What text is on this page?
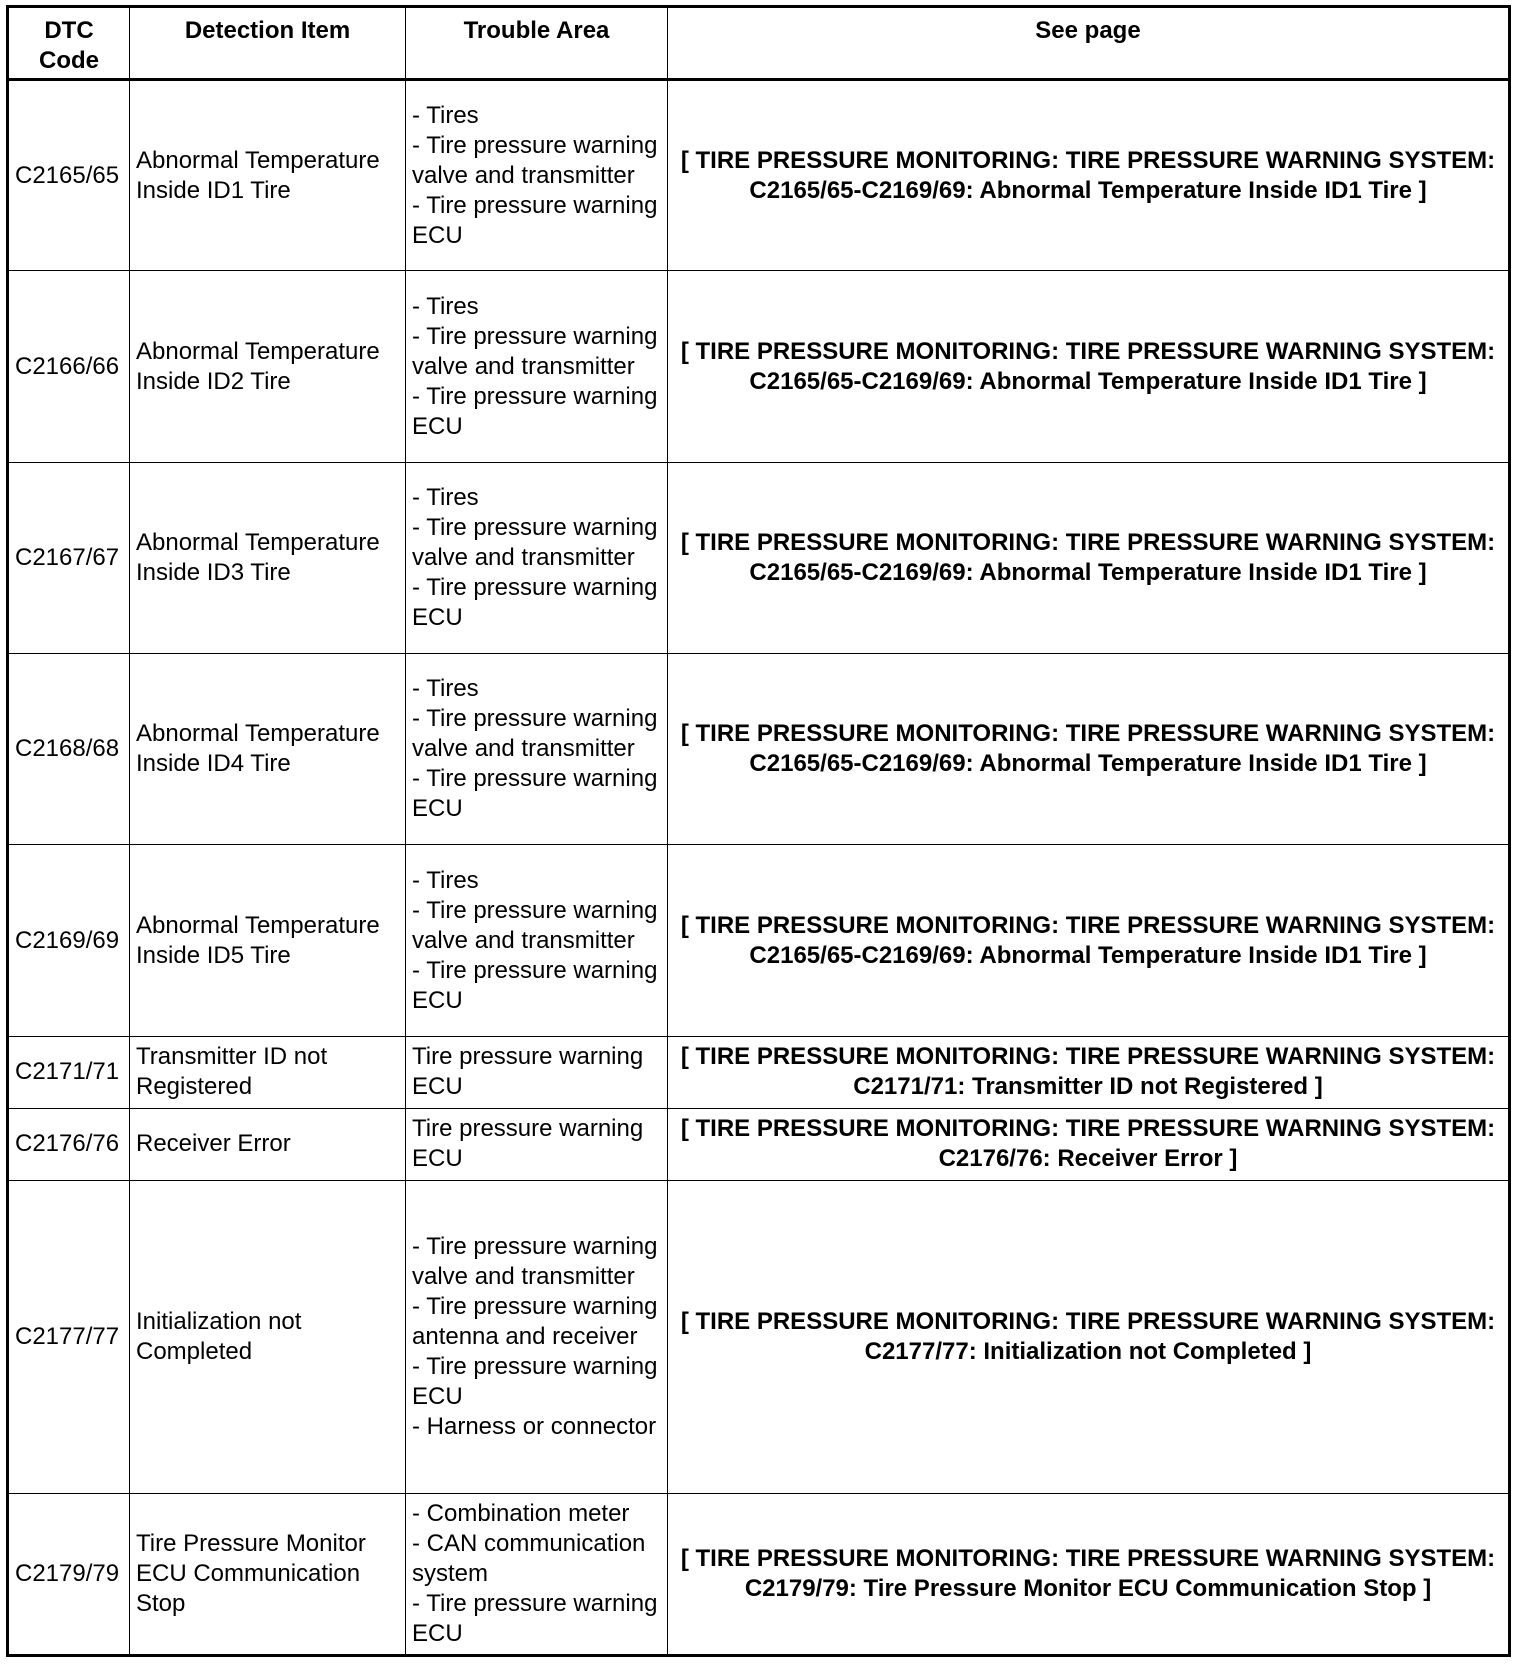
DTC
Code	Detection Item	Trouble Area	See page
C2165/65	Abnormal Temperature Inside ID1 Tire	- Tires
- Tire pressure warning valve and transmitter
- Tire pressure warning ECU	[ TIRE PRESSURE MONITORING: TIRE PRESSURE WARNING SYSTEM: C2165/65-C2169/69: Abnormal Temperature Inside ID1 Tire ]
C2166/66	Abnormal Temperature Inside ID2 Tire	- Tires
- Tire pressure warning valve and transmitter
- Tire pressure warning ECU	[ TIRE PRESSURE MONITORING: TIRE PRESSURE WARNING SYSTEM: C2165/65-C2169/69: Abnormal Temperature Inside ID1 Tire ]
C2167/67	Abnormal Temperature Inside ID3 Tire	- Tires
- Tire pressure warning valve and transmitter
- Tire pressure warning ECU	[ TIRE PRESSURE MONITORING: TIRE PRESSURE WARNING SYSTEM: C2165/65-C2169/69: Abnormal Temperature Inside ID1 Tire ]
C2168/68	Abnormal Temperature Inside ID4 Tire	- Tires
- Tire pressure warning valve and transmitter
- Tire pressure warning ECU	[ TIRE PRESSURE MONITORING: TIRE PRESSURE WARNING SYSTEM: C2165/65-C2169/69: Abnormal Temperature Inside ID1 Tire ]
C2169/69	Abnormal Temperature Inside ID5 Tire	- Tires
- Tire pressure warning valve and transmitter
- Tire pressure warning ECU	[ TIRE PRESSURE MONITORING: TIRE PRESSURE WARNING SYSTEM: C2165/65-C2169/69: Abnormal Temperature Inside ID1 Tire ]
C2171/71	Transmitter ID not Registered	Tire pressure warning ECU	[ TIRE PRESSURE MONITORING: TIRE PRESSURE WARNING SYSTEM: C2171/71: Transmitter ID not Registered ]
C2176/76	Receiver Error	Tire pressure warning ECU	[ TIRE PRESSURE MONITORING: TIRE PRESSURE WARNING SYSTEM: C2176/76: Receiver Error ]
C2177/77	Initialization not Completed	- Tire pressure warning valve and transmitter
- Tire pressure warning antenna and receiver
- Tire pressure warning ECU
- Harness or connector	[ TIRE PRESSURE MONITORING: TIRE PRESSURE WARNING SYSTEM: C2177/77: Initialization not Completed ]
C2179/79	Tire Pressure Monitor ECU Communication Stop	- Combination meter
- CAN communication system
- Tire pressure warning ECU	[ TIRE PRESSURE MONITORING: TIRE PRESSURE WARNING SYSTEM: C2179/79: Tire Pressure Monitor ECU Communication Stop ]
